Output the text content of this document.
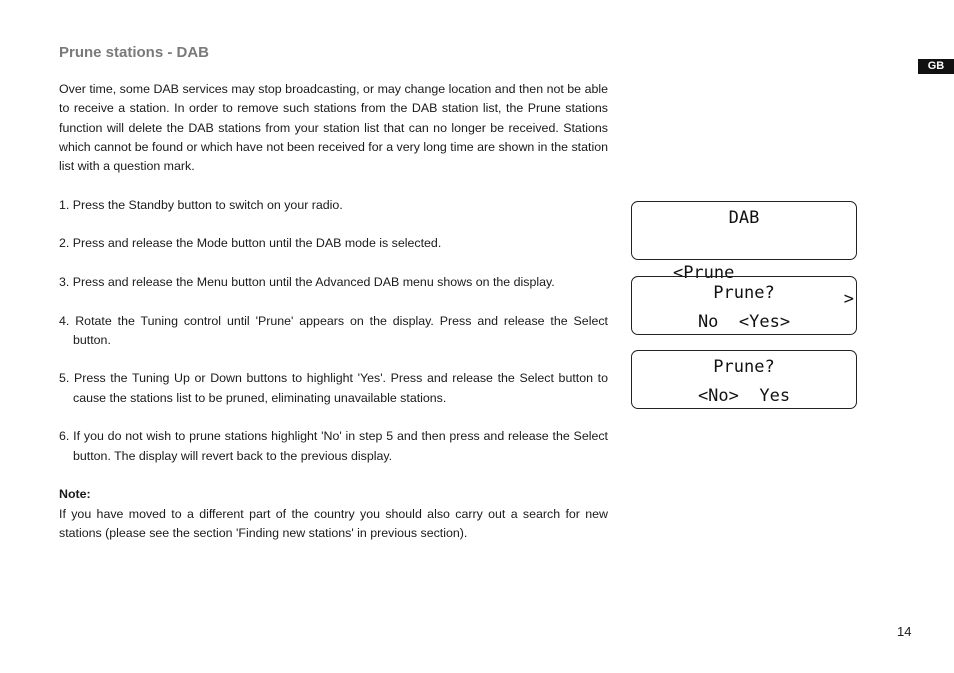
Prune stations - DAB
GB

Over time, some DAB services may stop broadcasting, or may change location and then not be able to receive a station. In order to remove such stations from the DAB station list, the Prune stations function will delete the DAB stations from your station list that can no longer be received. Stations which cannot be found or which have not been received for a very long time are shown in the station list with a question mark.

1. Press the Standby button to switch on your radio.

2. Press and release the Mode button until the DAB mode is selected.

3. Press and release the Menu button until the Advanced DAB menu shows on the display.

4. Rotate the Tuning control until 'Prune' appears on the display. Press and release the Select button.

5. Press the Tuning Up or Down buttons to highlight 'Yes'. Press and release the Select button to cause the stations list to be pruned, eliminating unavailable stations.

6. If you do not wish to prune stations highlight 'No' in step 5 and then press and release the Select button. The display will revert back to the previous display.

Note:

If you have moved to a different part of the country you should also carry out a search for new stations (please see the section 'Finding new stations' in previous section).

DAB

<Prune

>

Prune?
No  <Yes>
Prune?
<No>  Yes
14
